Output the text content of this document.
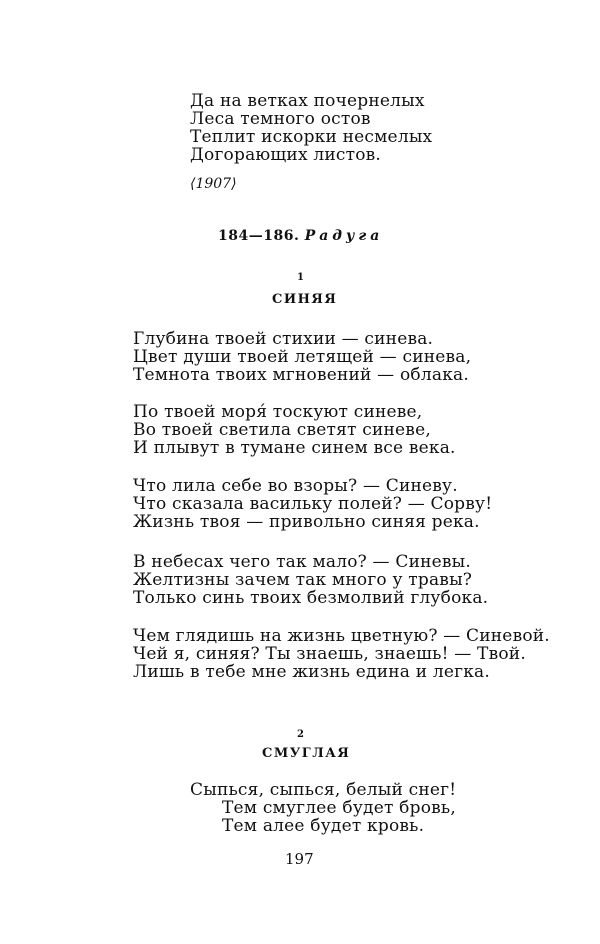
Да на ветках почернелых
Леса темного остов
Теплит искорки несмелых
Догорающих листов.
⟨1907⟩
184—186. Радуга
1
СИНЯЯ
Глубина твоей стихии — синева.
Цвет души твоей летящей — синева,
Темнота твоих мгновений — облака.
По твоей моря́ тоскуют синеве,
Во твоей светила светят синеве,
И плывут в тумане синем все века.
Что лила себе во взоры? — Синеву.
Что сказала васильку полей? — Сорву!
Жизнь твоя — привольно синяя река.
В небесах чего так мало? — Синевы.
Желтизны зачем так много у травы?
Только синь твоих безмолвий глубока.
Чем глядишь на жизнь цветную? — Синевой.
Чей я, синяя? Ты знаешь, знаешь! — Твой.
Лишь в тебе мне жизнь едина и легка.
2
СМУГЛАЯ
Сыпься, сыпься, белый снег!
Тем смуглее будет бровь,
Тем алее будет кровь.
197
